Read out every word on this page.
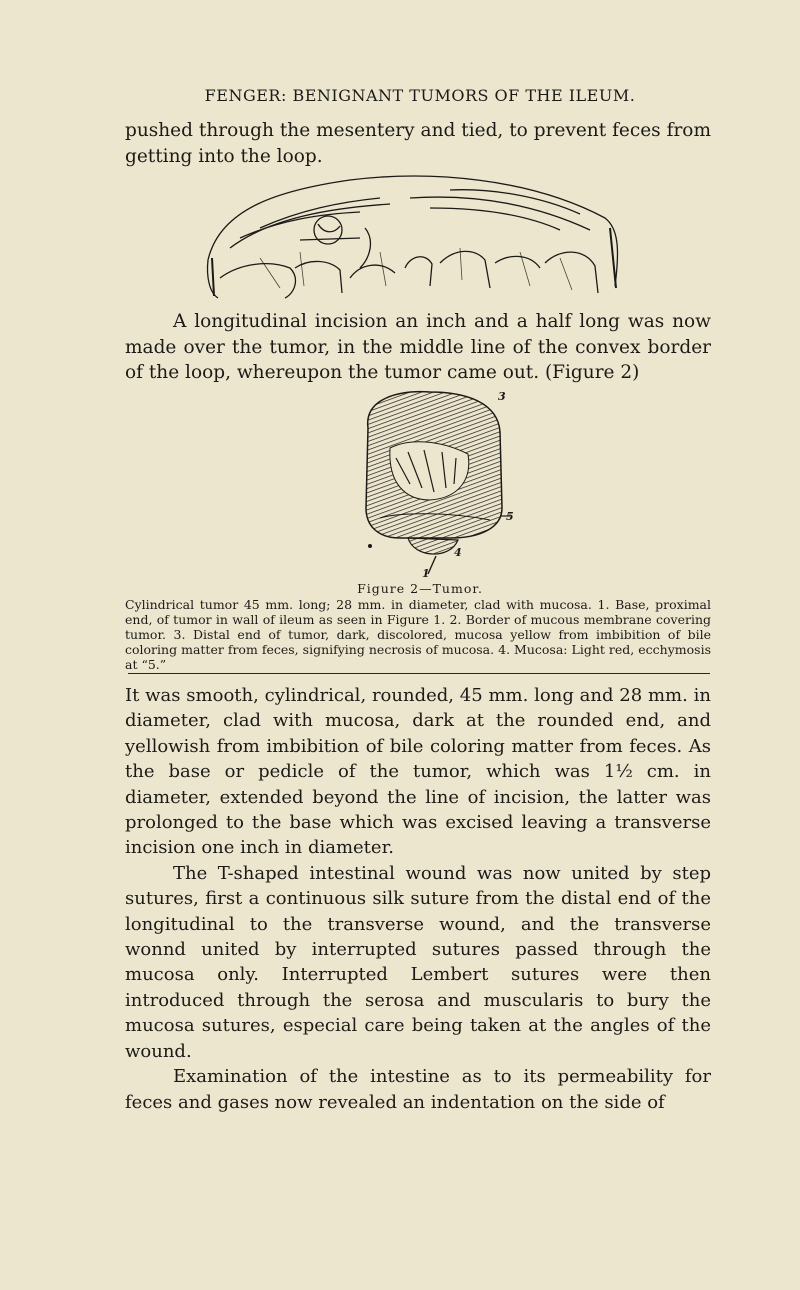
FENGER: BENIGNANT TUMORS OF THE ILEUM.

pushed through the mesentery and tied, to prevent feces from getting into the loop.

A longitudinal incision an inch and a half long was now made over the tumor, in the middle line of the convex border of the loop, whereupon the tumor came out. (Figure 2)

3
5
4
1
Figure 2—Tumor.
Cylindrical tumor 45 mm. long; 28 mm. in diameter, clad with mucosa. 1. Base, proximal end, of tumor in wall of ileum as seen in Figure 1. 2. Border of mucous membrane covering tumor. 3. Distal end of tumor, dark, discolored, mucosa yellow from imbibition of bile coloring matter from feces, signifying necrosis of mucosa. 4. Mucosa: Light red, ecchymosis at “5.”

It was smooth, cylindrical, rounded, 45 mm. long and 28 mm. in diameter, clad with mucosa, dark at the rounded end, and yellowish from imbibition of bile coloring matter from feces. As the base or pedicle of the tumor, which was 1½ cm. in diameter, extended beyond the line of incision, the latter was prolonged to the base which was excised leaving a transverse incision one inch in diameter.

The T-shaped intestinal wound was now united by step sutures, first a continuous silk suture from the distal end of the longitudinal to the transverse wound, and the transverse wonnd united by interrupted sutures passed through the mucosa only. Interrupted Lembert sutures were then introduced through the serosa and muscularis to bury the mucosa sutures, especial care being taken at the angles of the wound.

Examination of the intestine as to its permeability for feces and gases now revealed an indentation on the side of
